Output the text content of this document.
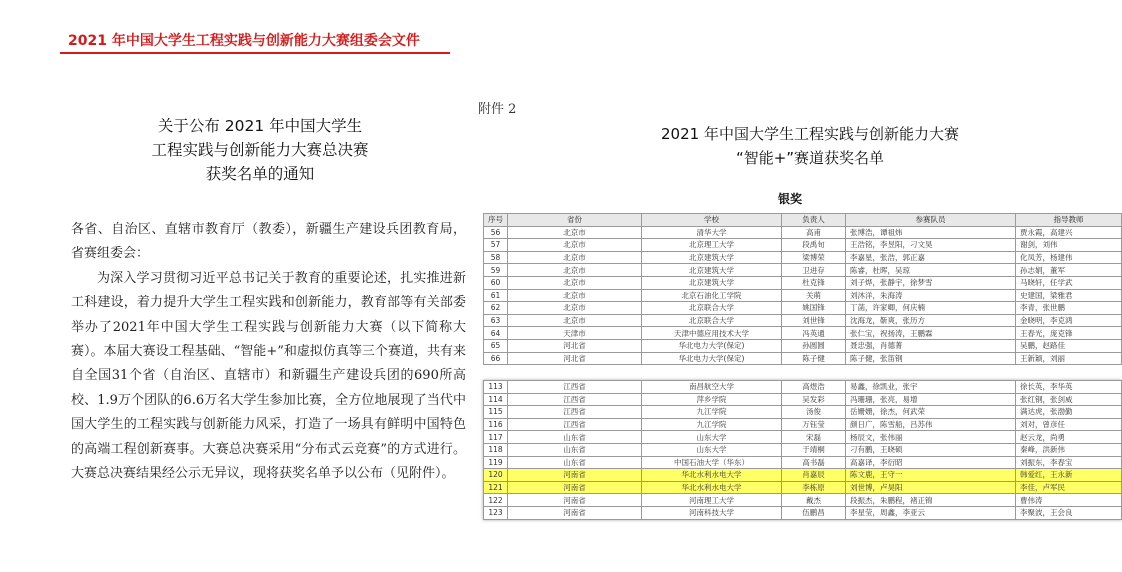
2021 年中国大学生工程实践与创新能力大赛组委会文件
关于公布 2021 年中国大学生
工程实践与创新能力大赛总决赛
获奖名单的通知

各省、自治区、直辖市教育厅（教委），新疆生产建设兵团教育局，省赛组委会：

为深入学习贯彻习近平总书记关于教育的重要论述，扎实推进新工科建设，着力提升大学生工程实践和创新能力，教育部等有关部委举办了2021年中国大学生工程实践与创新能力大赛（以下简称大赛）。本届大赛设工程基础、“智能+”和虚拟仿真等三个赛道，共有来自全国31个省（自治区、直辖市）和新疆生产建设兵团的690所高校、1.9万个团队的6.6万名大学生参加比赛，全方位地展现了当代中国大学生的工程实践与创新能力风采，打造了一场具有鲜明中国特色的高端工程创新赛事。大赛总决赛采用“分布式云竞赛”的方式进行。大赛总决赛结果经公示无异议，现将获奖名单予以公布（见附件）。

附件 2
2021 年中国大学生工程实践与创新能力大赛
“智能+”赛道获奖名单
银奖
序号	省份	学校	负责人	参赛队员	指导教师
56	北京市	清华大学	高甫	张博浩，谭祖炜	贾永霞，高建兴
57	北京市	北京理工大学	段禹旬	王浩铭，李昱阳，刁文昊	谢剑，刘伟
58	北京市	北京建筑大学	梁博荣	李嘉星，张浩，郭正嘉	化凤芳，杨建伟
59	北京市	北京建筑大学	卫进存	陈睿，杜晖，吴琼	孙志娟，董军
60	北京市	北京建筑大学	杜克锋	刘子烨，张静宇，徐梦雪	马晓轩，任学武
61	北京市	北京石油化工学院	关萌	刘沐洋，朱海涛	史建国，梁雅君
62	北京市	北京联合大学	姚国锋	丁菡，许家卿，何庆楠	李青，张世鹏
63	北京市	北京联合大学	刘世锋	沈海龙，靳爽，张历方	金晓明，李克鸿
64	天津市	天津中德应用技术大学	冯英通	张仁宝，祝扬涛，王鹏霖	王春光，庞克锋
65	河北省	华北电力大学(保定)	孙圆圆	聂忠强，肖德菁	吴鹏，赵路佳
66	河北省	华北电力大学(保定)	陈子健	陈子健，张笛钢	王新颖，刘丽
113	江西省	南昌航空大学	高煜浩	易鑫，徐凯业，张宇	徐长英，李华英
114	江西省	萍乡学院	吴发彩	冯珊珊，张亮，易增	张红钢，张剑威
115	江西省	九江学院	汤俊	岳姗姗，徐杰，何武荣	满达虎，张渤勤
116	江西省	九江学院	万钰莹	颜日广，陈雪船，吕苏伟	刘对，曾彦任
117	山东省	山东大学	宋磊	杨辰文，张伟丽	赵云龙，尚勇
118	山东省	山东大学	于靖桐	刁有鹏，王晓硕	秦峰，洪新伟
119	山东省	中国石油大学（华东）	高书磊	高嘉译，李衍昭	刘振东，李春宝
120	河南省	华北水利水电大学	肖嘉辰	陈文鹿，王守一	韩爱红，王永新
121	河南省	华北水利水电大学	李栋原	刘世博，卢昊阳	李佳，卢军民
122	河南省	河南理工大学	戴杰	段振杰，朱鹏程，褚正锦	曹伟涛
123	河南省	河南科技大学	伍鹏昌	李星莹，周鑫，李亚云	李聚波，王会良
